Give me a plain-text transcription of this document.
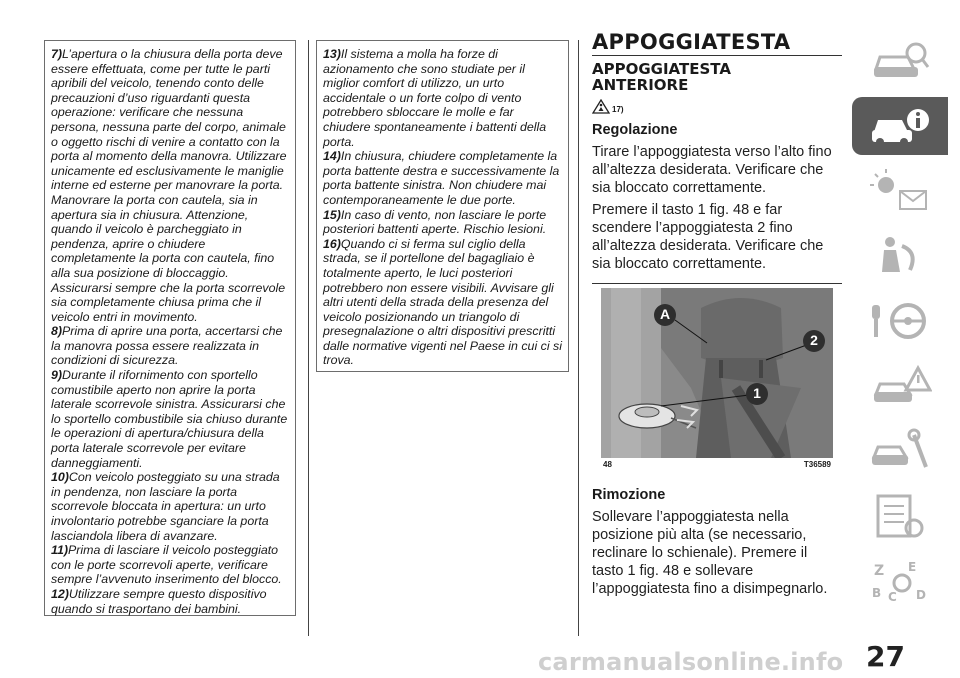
7)L’apertura o la chiusura della porta deve essere effettuata, come per tutte le parti apribili del veicolo, tenendo conto delle precauzioni d’uso riguardanti questa operazione: verificare che nessuna persona, nessuna parte del corpo, animale o oggetto rischi di venire a contatto con la porta al momento della manovra. Utilizzare unicamente ed esclusivamente le maniglie interne ed esterne per manovrare la porta. Manovrare la porta con cautela, sia in apertura sia in chiusura. Attenzione, quando il veicolo è parcheggiato in pendenza, aprire o chiudere completamente la porta con cautela, fino alla sua posizione di bloccaggio. Assicurarsi sempre che la porta scorrevole sia completamente chiusa prima che il veicolo entri in movimento.
8)Prima di aprire una porta, accertarsi che la manovra possa essere realizzata in condizioni di sicurezza.
9)Durante il rifornimento con sportello comustibile aperto non aprire la porta laterale scorrevole sinistra. Assicurarsi che lo sportello combustibile sia chiuso durante le operazioni di apertura/chiusura della porta laterale scorrevole per evitare danneggiamenti.
10)Con veicolo posteggiato su una strada in pendenza, non lasciare la porta scorrevole bloccata in apertura: un urto involontario potrebbe sganciare la porta lasciandola libera di avanzare.
11)Prima di lasciare il veicolo posteggiato con le porte scorrevoli aperte, verificare sempre l’avvenuto inserimento del blocco.
12)Utilizzare sempre questo dispositivo quando si trasportano dei bambini.
13)Il sistema a molla ha forze di azionamento che sono studiate per il miglior comfort di utilizzo, un urto accidentale o un forte colpo di vento potrebbero sbloccare le molle e far chiudere spontaneamente i battenti della porta.
14)In chiusura, chiudere completamente la porta battente destra e successivamente la porta battente sinistra. Non chiudere mai contemporaneamente le due porte.
15)In caso di vento, non lasciare le porte posteriori battenti aperte. Rischio lesioni.
16)Quando ci si ferma sul ciglio della strada, se il portellone del bagagliaio è totalmente aperto, le luci posteriori potrebbero non essere visibili. Avvisare gli altri utenti della strada della presenza del veicolo posizionando un triangolo di presegnalazione o altri dispositivi prescritti dalle normative vigenti nel Paese in cui ci si trova.
APPOGGIATESTA
APPOGGIATESTA
ANTERIORE
17)
Regolazione
Tirare l’appoggiatesta verso l’alto fino all’altezza desiderata. Verificare che sia bloccato correttamente.
Premere il tasto 1 fig. 48 e far scendere l’appoggiatesta 2 fino all’altezza desiderata. Verificare che sia bloccato correttamente.
A
2
1
48	T36589
Rimozione
Sollevare l’appoggiatesta nella posizione più alta (se necessario, reclinare lo schienale). Premere il tasto 1 fig. 48 e sollevare l’appoggiatesta fino a disimpegnarlo.
Z E
B C D
27
carmanualsonline.info
